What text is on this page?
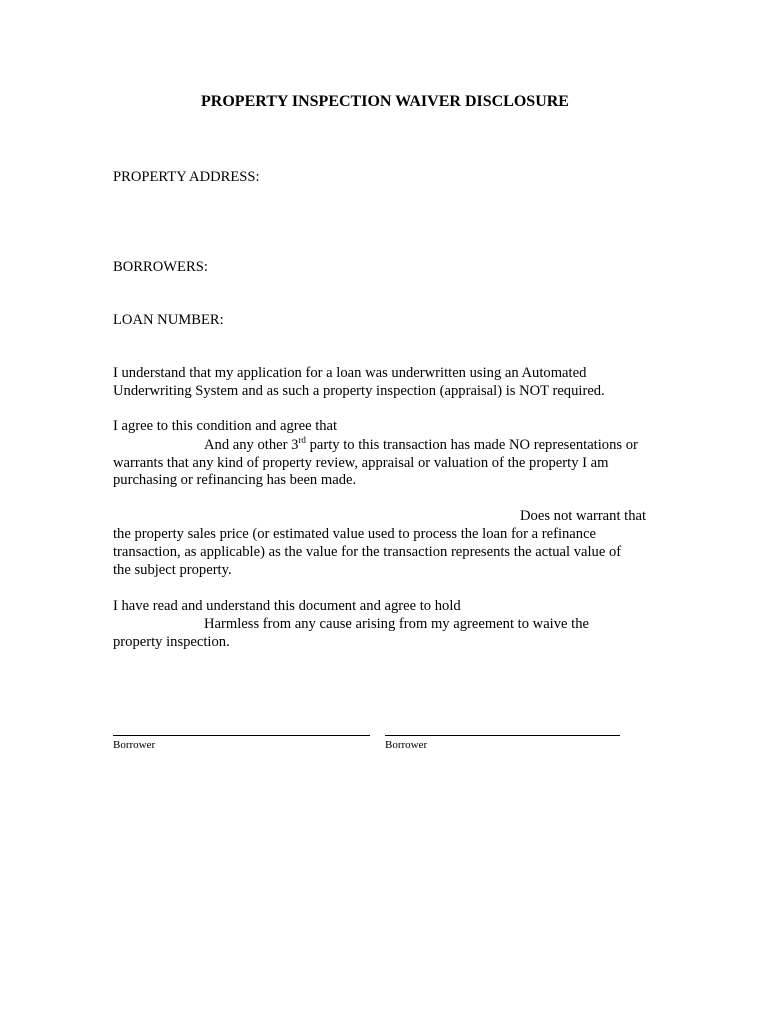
PROPERTY INSPECTION WAIVER DISCLOSURE
PROPERTY ADDRESS:
BORROWERS:
LOAN NUMBER:
I understand that my application for a loan was underwritten using an Automated
Underwriting System and as such a property inspection (appraisal) is NOT required.
I agree to this condition and agree that
And any other 3rd party to this transaction has made NO representations or
warrants that any kind of property review, appraisal or valuation of the property I am
purchasing or refinancing has been made.
Does not warrant that
the property sales price (or estimated value used to process the loan for a refinance
transaction, as applicable) as the value for the transaction represents the actual value of
the subject property.
I have read and understand this document and agree to hold
Harmless from any cause arising from my agreement to waive the
property inspection.
Borrower	Borrower
